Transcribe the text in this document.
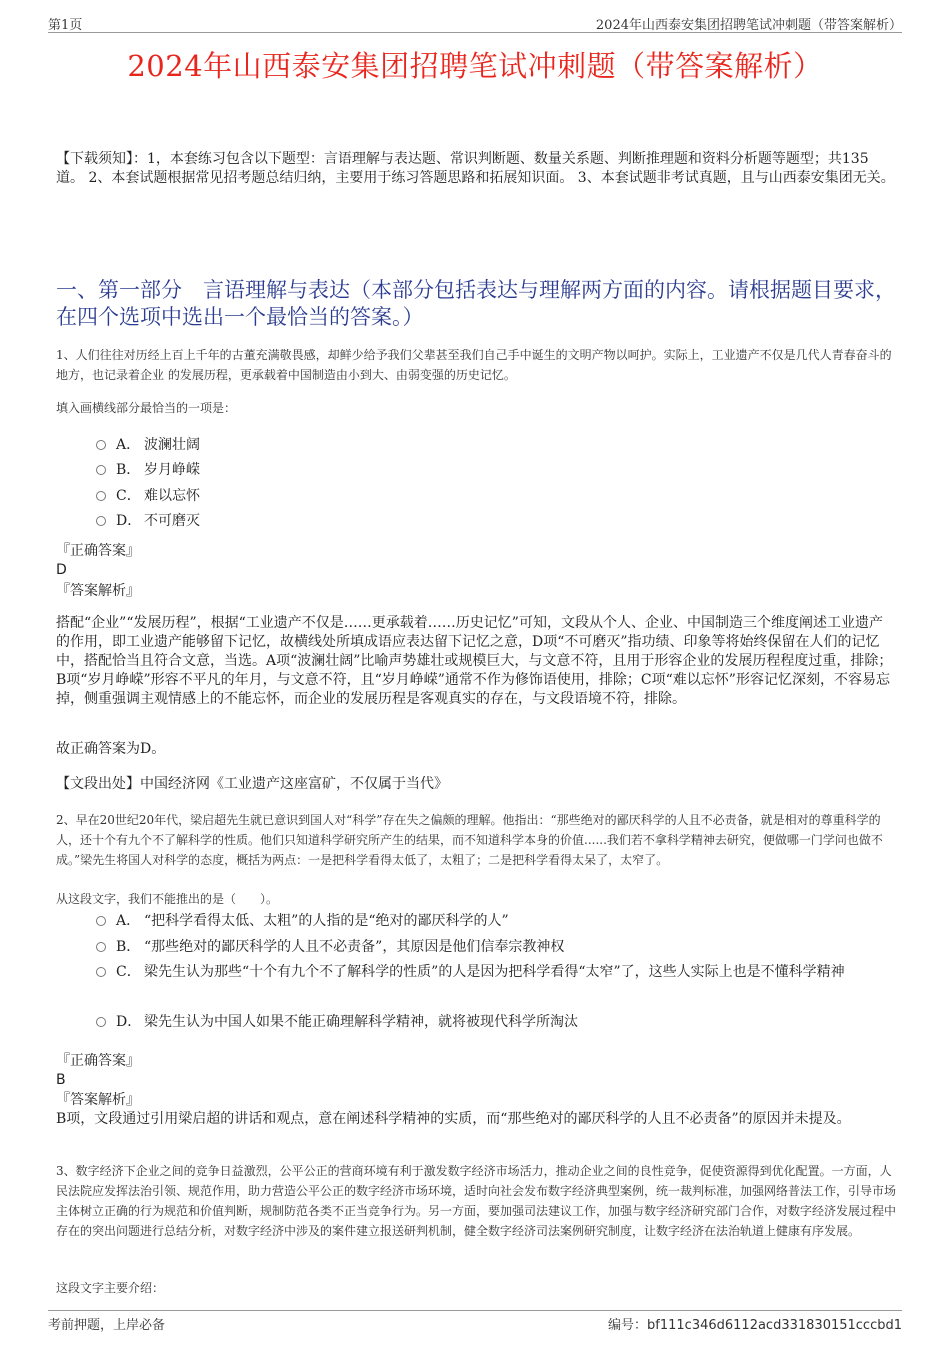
第1页	2024年山西泰安集团招聘笔试冲刺题（带答案解析）
2024年山西泰安集团招聘笔试冲刺题（带答案解析）
【下载须知】：1，本套练习包含以下题型：言语理解与表达题、常识判断题、数量关系题、判断推理题和资料分析题等题型；共135道。 2、本套试题根据常见招考题总结归纳，主要用于练习答题思路和拓展知识面。 3、本套试题非考试真题，且与山西泰安集团无关。
一、第一部分　言语理解与表达（本部分包括表达与理解两方面的内容。请根据题目要求，在四个选项中选出一个最恰当的答案。）
1、人们往往对历经上百上千年的古董充满敬畏感，却鲜少给予我们父辈甚至我们自己手中诞生的文明产物以呵护。实际上，工业遗产不仅是几代人青春奋斗的地方，也记录着企业 的发展历程，更承载着中国制造由小到大、由弱变强的历史记忆。
填入画横线部分最恰当的一项是：
A． 波澜壮阔
B． 岁月峥嵘
C． 难以忘怀
D． 不可磨灭
『正确答案』
D
『答案解析』
搭配“企业”“发展历程”，根据“工业遗产不仅是……更承载着……历史记忆”可知，文段从个人、企业、中国制造三个维度阐述工业遗产的作用，即工业遗产能够留下记忆，故横线处所填成语应表达留下记忆之意，D项“不可磨灭”指功绩、印象等将始终保留在人们的记忆中，搭配恰当且符合文意，当选。A项“波澜壮阔”比喻声势雄壮或规模巨大，与文意不符，且用于形容企业的发展历程程度过重，排除；B项“岁月峥嵘”形容不平凡的年月，与文意不符，且“岁月峥嵘”通常不作为修饰语使用，排除；C项“难以忘怀”形容记忆深刻，不容易忘掉，侧重强调主观情感上的不能忘怀，而企业的发展历程是客观真实的存在，与文段语境不符，排除。
故正确答案为D。
【文段出处】中国经济网《工业遗产这座富矿，不仅属于当代》
2、早在20世纪20年代，梁启超先生就已意识到国人对“科学”存在失之偏颇的理解。他指出：“那些绝对的鄙厌科学的人且不必责备，就是相对的尊重科学的人，还十个有九个不了解科学的性质。他们只知道科学研究所产生的结果，而不知道科学本身的价值......我们若不拿科学精神去研究，便做哪一门学问也做不成。”梁先生将国人对科学的态度，概括为两点：一是把科学看得太低了，太粗了；二是把科学看得太呆了，太窄了。
从这段文字，我们不能推出的是（　　）。
A． “把科学看得太低、太粗”的人指的是“绝对的鄙厌科学的人”
B． “那些绝对的鄙厌科学的人且不必责备”，其原因是他们信奉宗教神权
C． 梁先生认为那些“十个有九个不了解科学的性质”的人是因为把科学看得“太窄”了，这些人实际上也是不懂科学精神
D． 梁先生认为中国人如果不能正确理解科学精神，就将被现代科学所淘汰
『正确答案』
B
『答案解析』
B项，文段通过引用梁启超的讲话和观点，意在阐述科学精神的实质，而“那些绝对的鄙厌科学的人且不必责备”的原因并未提及。
3、数字经济下企业之间的竞争日益激烈，公平公正的营商环境有利于激发数字经济市场活力，推动企业之间的良性竞争，促使资源得到优化配置。一方面，人民法院应发挥法治引领、规范作用，助力营造公平公正的数字经济市场环境，适时向社会发布数字经济典型案例，统一裁判标准，加强网络普法工作，引导市场主体树立正确的行为规范和价值判断，规制防范各类不正当竞争行为。另一方面，要加强司法建议工作，加强与数字经济研究部门合作，对数字经济发展过程中存在的突出问题进行总结分析，对数字经济中涉及的案件建立报送研判机制，健全数字经济司法案例研究制度，让数字经济在法治轨道上健康有序发展。
这段文字主要介绍：
考前押题，上岸必备	编号：bf111c346d6112acd331830151cccbd1
